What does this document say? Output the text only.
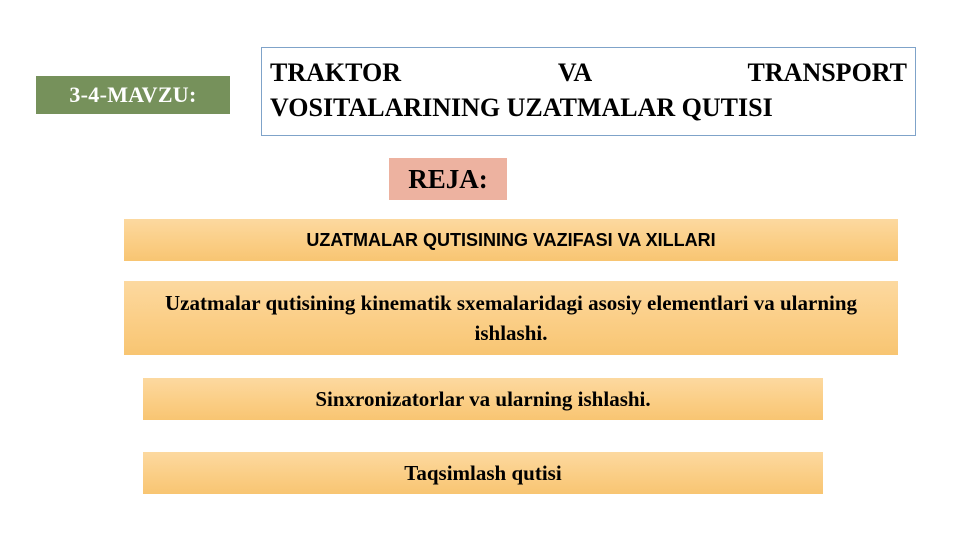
3-4-MAVZU:
TRAKTOR VA TRANSPORT
VOSITALARINING UZATMALAR QUTISI
REJA:
UZATMALAR QUTISINING VAZIFASI VA XILLARI
Uzatmalar qutisining kinematik sxemalaridagi asosiy elementlari va ularning ishlashi.
Sinxronizatorlar va ularning ishlashi.
Taqsimlash qutisi
